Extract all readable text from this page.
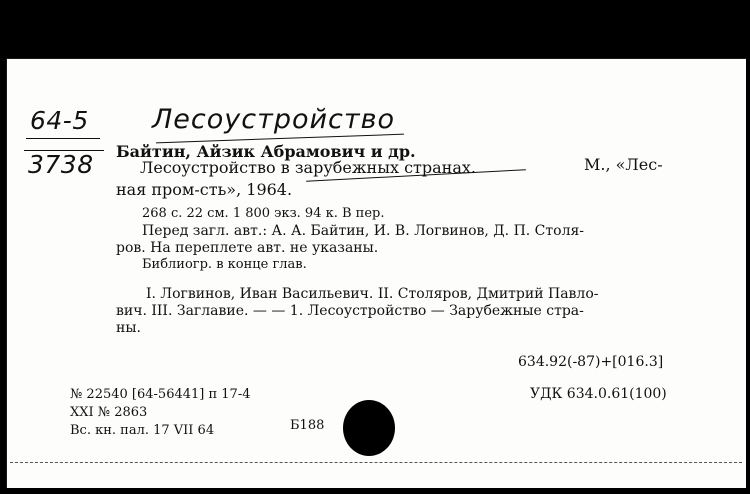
64-5 Лесоустройство
3738 Байтин, Айзик Абрамович и др.
Лесоустройство в зарубежных странах.	М., «Лес-
ная пром-сть», 1964.
268 с. 22 см. 1 800 экз. 94 к. В пер.
Перед загл. авт.: А. А. Байтин, И. В. Логвинов, Д. П. Столя-
ров. На переплете авт. не указаны.
Библиогр. в конце глав.
I. Логвинов, Иван Васильевич. II. Столяров, Дмитрий Павло-
вич. III. Заглавие. — — 1. Лесоустройство — Зарубежные стра-
ны.
634.92(-87)+[016.3]
УДК 634.0.61(100)
№ 22540 [64-56441] п 17-4
XXI № 2863
Вс. кн. пал. 17 VII 64	Б188
